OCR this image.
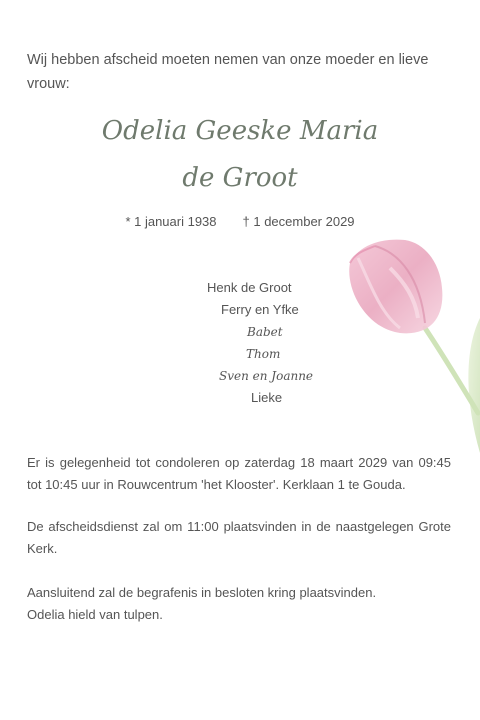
Wij hebben afscheid moeten nemen van onze moeder en lieve vrouw:
Odelia Geeske Maria
de Groot
* 1 januari 1938 † 1 december 2029
Henk de Groot
Ferry en Yfke
Babet
Thom
Sven en Joanne
Lieke
Er is gelegenheid tot condoleren op zaterdag 18 maart 2029 van 09:45 tot 10:45 uur in Rouwcentrum 'het Klooster'. Kerklaan 1 te Gouda.
De afscheidsdienst zal om 11:00 plaatsvinden in de naastgelegen Grote Kerk.
Aansluitend zal de begrafenis in besloten kring plaatsvinden.
Odelia hield van tulpen.
